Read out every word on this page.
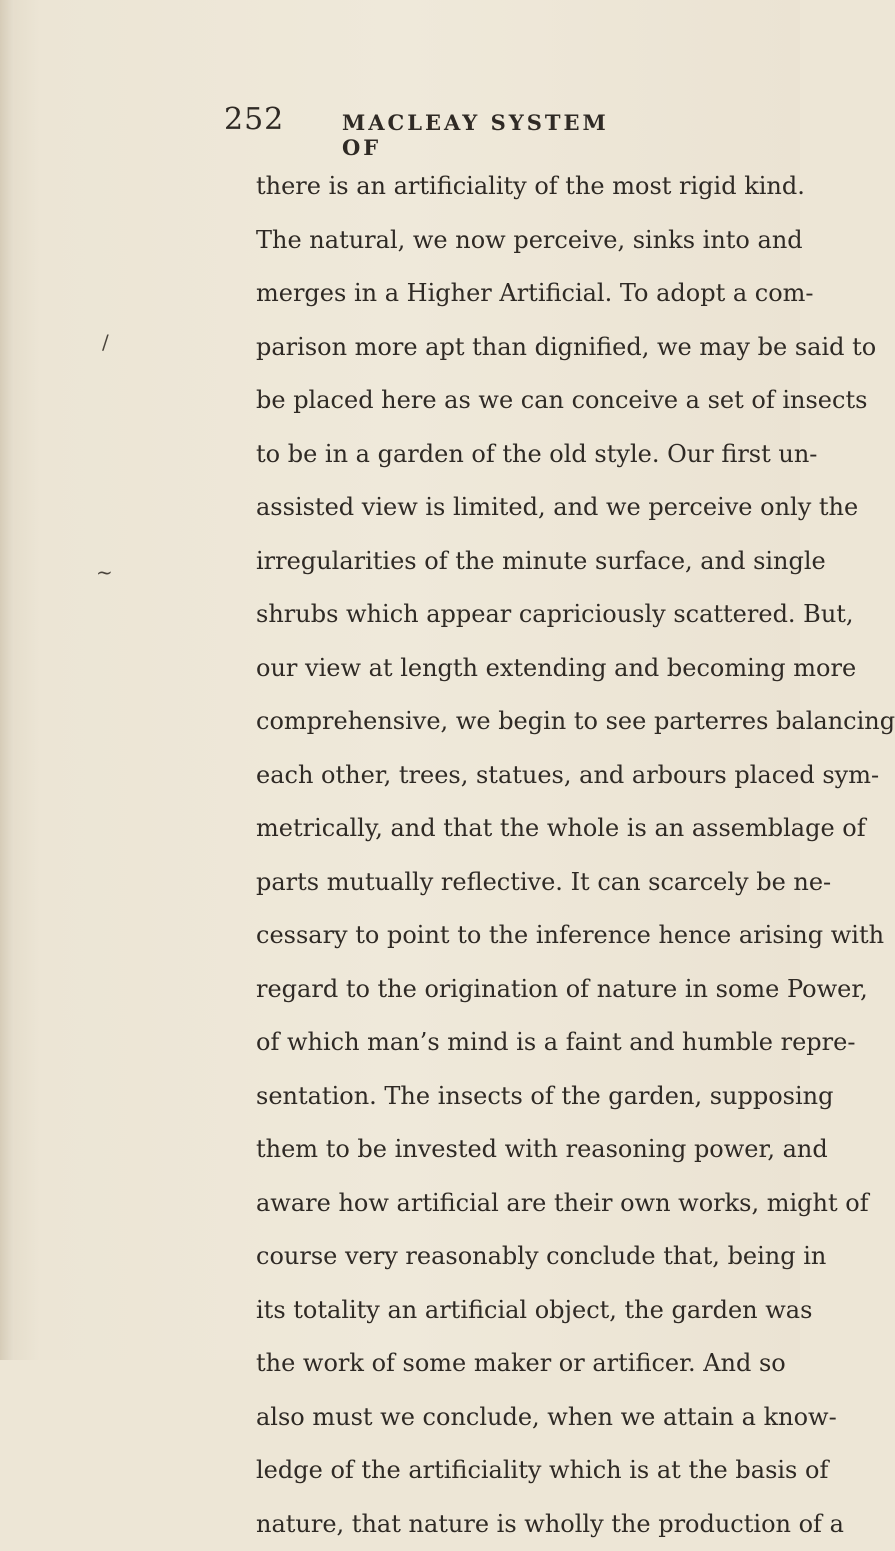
252	MACLEAY SYSTEM OF
/
~
there is an artificiality of the most rigid kind.
The natural, we now perceive, sinks into and
merges in a Higher Artificial. To adopt a com-
parison more apt than dignified, we may be said to
be placed here as we can conceive a set of insects
to be in a garden of the old style. Our first un-
assisted view is limited, and we perceive only the
irregularities of the minute surface, and single
shrubs which appear capriciously scattered. But,
our view at length extending and becoming more
comprehensive, we begin to see parterres balancing
each other, trees, statues, and arbours placed sym-
metrically, and that the whole is an assemblage of
parts mutually reflective. It can scarcely be ne-
cessary to point to the inference hence arising with
regard to the origination of nature in some Power,
of which man’s mind is a faint and humble repre-
sentation. The insects of the garden, supposing
them to be invested with reasoning power, and
aware how artificial are their own works, might of
course very reasonably conclude that, being in
its totality an artificial object, the garden was
the work of some maker or artificer. And so
also must we conclude, when we attain a know-
ledge of the artificiality which is at the basis of
nature, that nature is wholly the production of a
